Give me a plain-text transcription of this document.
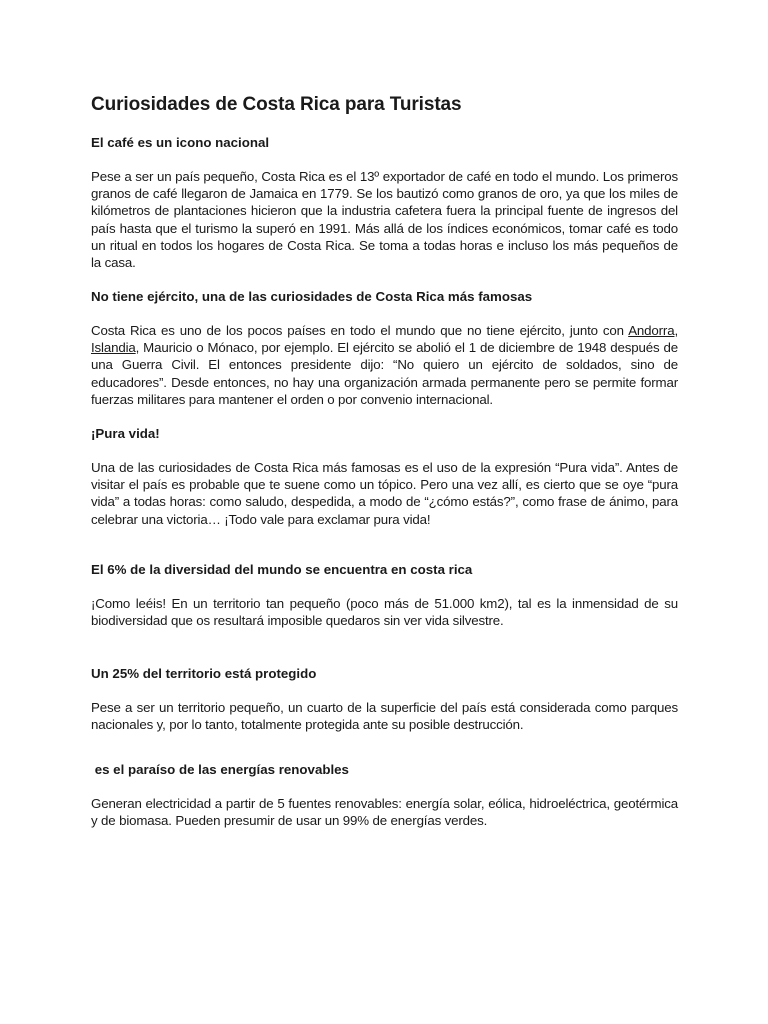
Curiosidades de Costa Rica para Turistas
El café es un icono nacional

Pese a ser un país pequeño, Costa Rica es el 13º exportador de café en todo el mundo. Los primeros granos de café llegaron de Jamaica en 1779. Se los bautizó como granos de oro, ya que los miles de kilómetros de plantaciones hicieron que la industria cafetera fuera la principal fuente de ingresos del país hasta que el turismo la superó en 1991. Más allá de los índices económicos, tomar café es todo un ritual en todos los hogares de Costa Rica. Se toma a todas horas e incluso los más pequeños de la casa.

No tiene ejército, una de las curiosidades de Costa Rica más famosas

Costa Rica es uno de los pocos países en todo el mundo que no tiene ejército, junto con Andorra, Islandia, Mauricio o Mónaco, por ejemplo. El ejército se abolió el 1 de diciembre de 1948 después de una Guerra Civil. El entonces presidente dijo: “No quiero un ejército de soldados, sino de educadores”. Desde entonces, no hay una organización armada permanente pero se permite formar fuerzas militares para mantener el orden o por convenio internacional.

¡Pura vida!

Una de las curiosidades de Costa Rica más famosas es el uso de la expresión “Pura vida”. Antes de visitar el país es probable que te suene como un tópico. Pero una vez allí, es cierto que se oye “pura vida” a todas horas: como saludo, despedida, a modo de “¿cómo estás?”, como frase de ánimo, para celebrar una victoria… ¡Todo vale para exclamar pura vida!

El 6% de la diversidad del mundo se encuentra en costa rica

¡Como leéis! En un territorio tan pequeño (poco más de 51.000 km2), tal es la inmensidad de su biodiversidad que os resultará imposible quedaros sin ver vida silvestre.

Un 25% del territorio está protegido

Pese a ser un territorio pequeño, un cuarto de la superficie del país está considerada como parques nacionales y, por lo tanto, totalmente protegida ante su posible destrucción.

es el paraíso de las energías renovables

Generan electricidad a partir de 5 fuentes renovables: energía solar, eólica, hidroeléctrica, geotérmica y de biomasa. Pueden presumir de usar un 99% de energías verdes.
